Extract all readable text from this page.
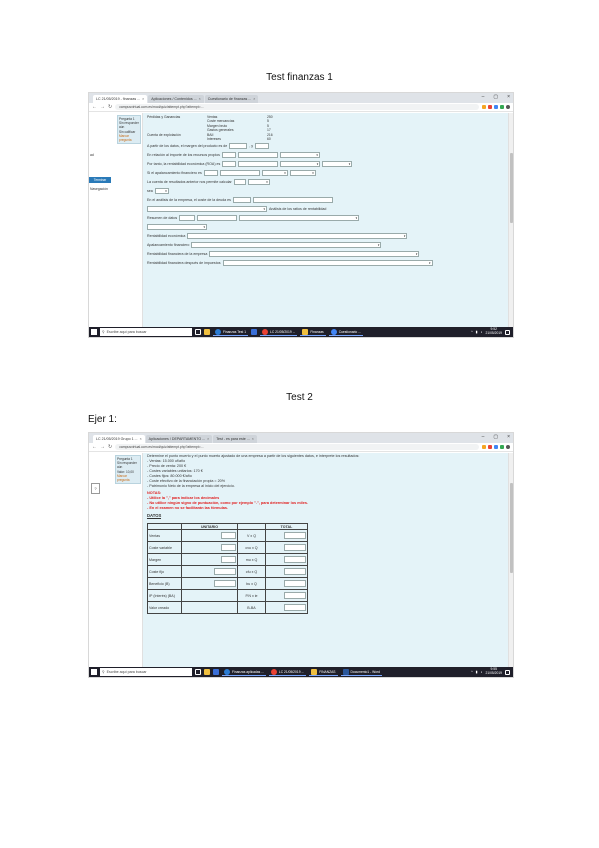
Test finanzas 1
LC 21/05/2019 - finanzas ... × Aplicaciones / Contenidos ... × Cuestionario de finanzas ... ×	– ▢ ×
← → ↻	campusvirtual.ucm.es/mod/quiz/attempt.php?attempt=...
Pregunta 1
Sin responder
aún
Sin calificar
Marcar
pregunta
ad
Terminar intento
Navegación
Pérdidas y Ganancias	Ventas	250
Coste mercancías	5
Margen bruto	5
Gastos generales	17
Cuenta de explotación	BAII	216
Intereses	60
A partir de los datos, el margen del producto es de	, y
En relación al importe de los recursos propios	▾
Por tanto, la rentabilidad económica (ROA) es	▾	▾
Si el apalancamiento financiero es	▾	▾
La cuenta de resultados anterior nos permite calcular	▾
sea	▾
En el análisis de la empresa, el coste de la deuda es
▾	Análisis de los ratios de rentabilidad
Resumen de datos	▾
▾
Rentabilidad económica	▾
Apalancamiento financiero	▾
Rentabilidad financiera de la empresa	▾
Rentabilidad financiera después de impuestos	▾
⚲ Escribe aquí para buscar	Finanzas Test 1	LC 21/05/2019 ...	Finanzas	Cuestionario ...	^ ▮ ◖
9:52
21/05/2019
Test 2
Ejer 1:
LC 21/05/2019 Grupo 1 ... × Aplicaciones / DEPARTAMENTO ... × Test - es para este ... ×	– ▢ ×
← → ↻	campusvirtual.ucm.es/mod/quiz/attempt.php?attempt=...
Pregunta 1
Sin responder
aún
Valor: 10,00
Marcar
pregunta
?
Determine el punto muerto y el punto muerto ajustado de una empresa a partir de los siguientes datos, e interprete los resultados:
- Ventas: 15.000 uf/año
- Precio de venta: 200 €
- Costes variables unitarios: 170 €
- Costes fijos: 80.000 €/año
- Coste efectivo de la financiación propia = 20%
- Patrimonio Neto de la empresa al inicio del ejercicio.
NOTAS:
- Utilice la "," para indicar los decimales
- No utilice ningún signo de puntuación, como por ejemplo ".", para determinar los miles.
- En el examen no se facilitarán las fórmulas.
DATOS
	UNITARIO		TOTAL
Ventas		V x Q	
Coste variable		cvu x Q	
Margen		mu x Q	
Coste fijo		cfu x Q	
Beneficio (B)		bu x Q	
IP (Interés) (BA)		P.N x ie	
Valor creado		B-BA	
⚲ Escribe aquí para buscar	Finanzas aplicadas ...	LC 21/05/2019 ...	FINANZAS	Documento1 - Word	^ ▮ ◖
9:55
21/05/2019
